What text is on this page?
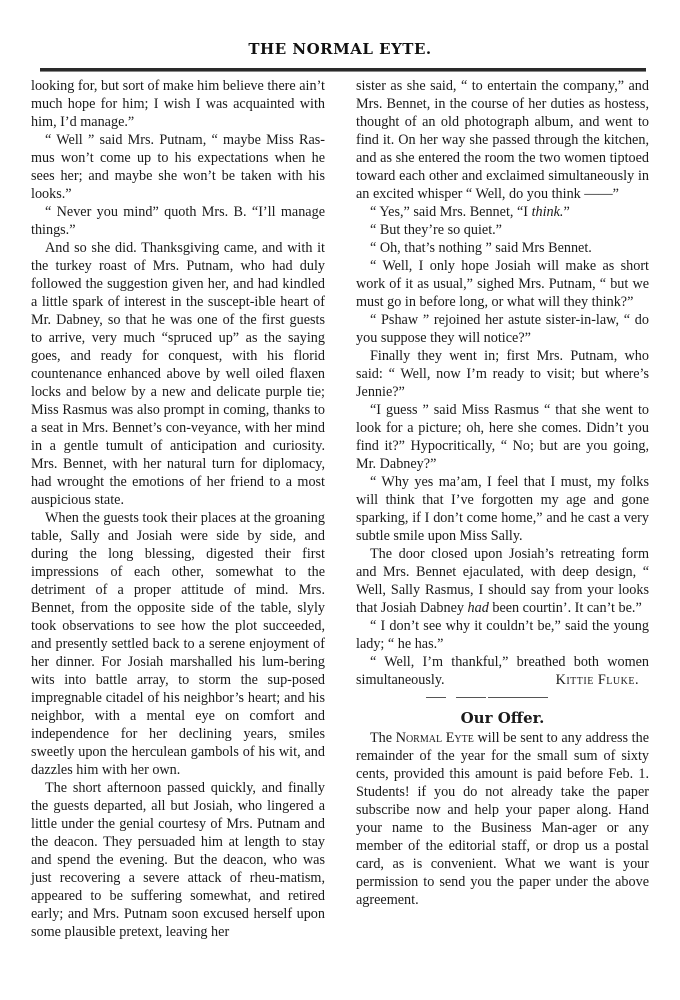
THE NORMAL EYTE.

looking for, but sort of make him believe there ain’t much hope for him; I wish I was acquainted with him, I’d manage.”

“ Well ” said Mrs. Putnam, “ maybe Miss Ras-mus won’t come up to his expectations when he sees her; and maybe she won’t be taken with his looks.”

“ Never you mind” quoth Mrs. B. “I’ll manage things.”

And so she did. Thanksgiving came, and with it the turkey roast of Mrs. Putnam, who had duly followed the suggestion given her, and had kindled a little spark of interest in the suscept-ible heart of Mr. Dabney, so that he was one of the first guests to arrive, very much “spruced up” as the saying goes, and ready for conquest, with his florid countenance enhanced above by well oiled flaxen locks and below by a new and delicate purple tie; Miss Rasmus was also prompt in coming, thanks to a seat in Mrs. Bennet’s con-veyance, with her mind in a gentle tumult of anticipation and curiosity. Mrs. Bennet, with her natural turn for diplomacy, had wrought the emotions of her friend to a most auspicious state.

When the guests took their places at the groaning table, Sally and Josiah were side by side, and during the long blessing, digested their first impressions of each other, somewhat to the detriment of a proper attitude of mind. Mrs. Bennet, from the opposite side of the table, slyly took observations to see how the plot succeeded, and presently settled back to a serene enjoyment of her dinner. For Josiah marshalled his lum-bering wits into battle array, to storm the sup-posed impregnable citadel of his neighbor’s heart; and his neighbor, with a mental eye on comfort and independence for her declining years, smiles sweetly upon the herculean gambols of his wit, and dazzles him with her own.

The short afternoon passed quickly, and finally the guests departed, all but Josiah, who lingered a little under the genial courtesy of Mrs. Putnam and the deacon. They persuaded him at length to stay and spend the evening. But the deacon, who was just recovering a severe attack of rheu-matism, appeared to be suffering somewhat, and retired early; and Mrs. Putnam soon excused herself upon some plausible pretext, leaving her

sister as she said, “ to entertain the company,” and Mrs. Bennet, in the course of her duties as hostess, thought of an old photograph album, and went to find it. On her way she passed through the kitchen, and as she entered the room the two women tiptoed toward each other and exclaimed simultaneously in an excited whisper “ Well, do you think ——”

“ Yes,” said Mrs. Bennet, “I think.”

“ But they’re so quiet.”

“ Oh, that’s nothing ” said Mrs Bennet.

“ Well, I only hope Josiah will make as short work of it as usual,” sighed Mrs. Putnam, “ but we must go in before long, or what will they think?”

“ Pshaw ” rejoined her astute sister-in-law, “ do you suppose they will notice?”

Finally they went in; first Mrs. Putnam, who said: “ Well, now I’m ready to visit; but where’s Jennie?”

“I guess ” said Miss Rasmus “ that she went to look for a picture; oh, here she comes. Didn’t you find it?” Hypocritically, “ No; but are you going, Mr. Dabney?”

“ Why yes ma’am, I feel that I must, my folks will think that I’ve forgotten my age and gone sparking, if I don’t come home,” and he cast a very subtle smile upon Miss Sally.

The door closed upon Josiah’s retreating form and Mrs. Bennet ejaculated, with deep design, “ Well, Sally Rasmus, I should say from your looks that Josiah Dabney had been courtin’. It can’t be.”

“ I don’t see why it couldn’t be,” said the young lady; “ he has.”

“ Well, I’m thankful,” breathed both women simultaneously.	Kittie Fluke.

Our Offer.

The Normal Eyte will be sent to any address the remainder of the year for the small sum of sixty cents, provided this amount is paid before Feb. 1. Students! if you do not already take the paper subscribe now and help your paper along. Hand your name to the Business Man-ager or any member of the editorial staff, or drop us a postal card, as is convenient. What we want is your permission to send you the paper under the above agreement.
